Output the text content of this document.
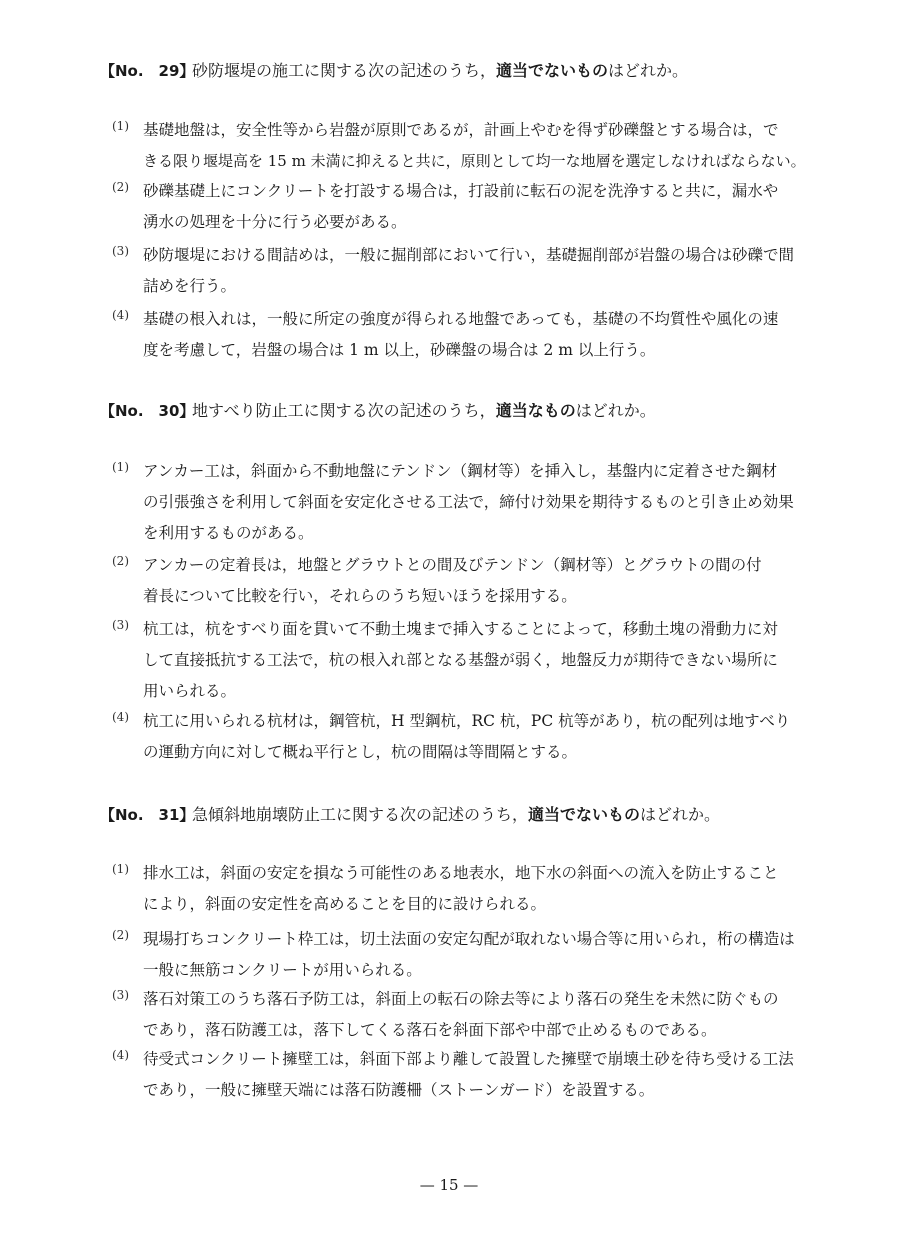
【No.　29】
砂防堰堤の施工に関する次の記述のうち，適当でないものはどれか。
(1) 基礎地盤は，安全性等から岩盤が原則であるが，計画上やむを得ず砂礫盤とする場合は，で
きる限り堰堤高を 15 m 未満に抑えると共に，原則として均一な地層を選定しなければならない。
(2) 砂礫基礎上にコンクリートを打設する場合は，打設前に転石の泥を洗浄すると共に，漏水や
湧水の処理を十分に行う必要がある。
(3) 砂防堰堤における間詰めは，一般に掘削部において行い，基礎掘削部が岩盤の場合は砂礫で間
詰めを行う。
(4) 基礎の根入れは，一般に所定の強度が得られる地盤であっても，基礎の不均質性や風化の速
度を考慮して，岩盤の場合は 1 m 以上，砂礫盤の場合は 2 m 以上行う。
【No.　30】
地すべり防止工に関する次の記述のうち，適当なものはどれか。
(1) アンカー工は，斜面から不動地盤にテンドン（鋼材等）を挿入し，基盤内に定着させた鋼材
の引張強さを利用して斜面を安定化させる工法で，締付け効果を期待するものと引き止め効果
を利用するものがある。
(2) アンカーの定着長は，地盤とグラウトとの間及びテンドン（鋼材等）とグラウトの間の付
着長について比較を行い，それらのうち短いほうを採用する。
(3) 杭工は，杭をすべり面を貫いて不動土塊まで挿入することによって，移動土塊の滑動力に対
して直接抵抗する工法で，杭の根入れ部となる基盤が弱く，地盤反力が期待できない場所に
用いられる。
(4) 杭工に用いられる杭材は，鋼管杭，H 型鋼杭，RC 杭，PC 杭等があり，杭の配列は地すべり
の運動方向に対して概ね平行とし，杭の間隔は等間隔とする。
【No.　31】
急傾斜地崩壊防止工に関する次の記述のうち，適当でないものはどれか。
(1) 排水工は，斜面の安定を損なう可能性のある地表水，地下水の斜面への流入を防止すること
により，斜面の安定性を高めることを目的に設けられる。
(2) 現場打ちコンクリート枠工は，切土法面の安定勾配が取れない場合等に用いられ，桁の構造は
一般に無筋コンクリートが用いられる。
(3) 落石対策工のうち落石予防工は，斜面上の転石の除去等により落石の発生を未然に防ぐもの
であり，落石防護工は，落下してくる落石を斜面下部や中部で止めるものである。
(4) 待受式コンクリート擁壁工は，斜面下部より離して設置した擁壁で崩壊土砂を待ち受ける工法
であり，一般に擁壁天端には落石防護柵（ストーンガード）を設置する。
— 15 —
